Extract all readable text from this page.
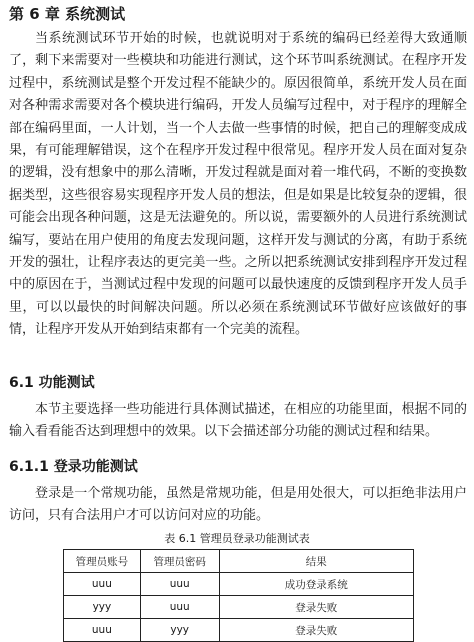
第 6 章 系统测试

当系统测试环节开始的时候，也就说明对于系统的编码已经差得大致通顺了，剩下来需要对一些模块和功能进行测试，这个环节叫系统测试。在程序开发过程中，系统测试是整个开发过程不能缺少的。原因很简单，系统开发人员在面对各种需求需要对各个模块进行编码，开发人员编写过程中，对于程序的理解全部在编码里面，一人计划，当一个人去做一些事情的时候，把自己的理解变成成果，有可能理解错误，这个在程序开发过程中很常见。程序开发人员在面对复杂的逻辑，没有想象中的那么清晰，开发过程就是面对着一堆代码，不断的变换数据类型，这些很容易实现程序开发人员的想法，但是如果是比较复杂的逻辑，很可能会出现各种问题，这是无法避免的。所以说，需要额外的人员进行系统测试编写，要站在用户使用的角度去发现问题，这样开发与测试的分离，有助于系统开发的强壮，让程序表达的更完美一些。之所以把系统测试安排到程序开发过程中的原因在于，当测试过程中发现的问题可以最快速度的反馈到程序开发人员手里，可以以最快的时间解决问题。所以必须在系统测试环节做好应该做好的事情，让程序开发从开始到结束都有一个完美的流程。

6.1 功能测试

本节主要选择一些功能进行具体测试描述，在相应的功能里面，根据不同的输入看看能否达到理想中的效果。以下会描述部分功能的测试过程和结果。

6.1.1 登录功能测试

登录是一个常规功能，虽然是常规功能，但是用处很大，可以拒绝非法用户访问，只有合法用户才可以访问对应的功能。

表 6.1 管理员登录功能测试表
管理员账号	管理员密码	结果
uuu	uuu	成功登录系统
yyy	uuu	登录失败
uuu	yyy	登录失败
